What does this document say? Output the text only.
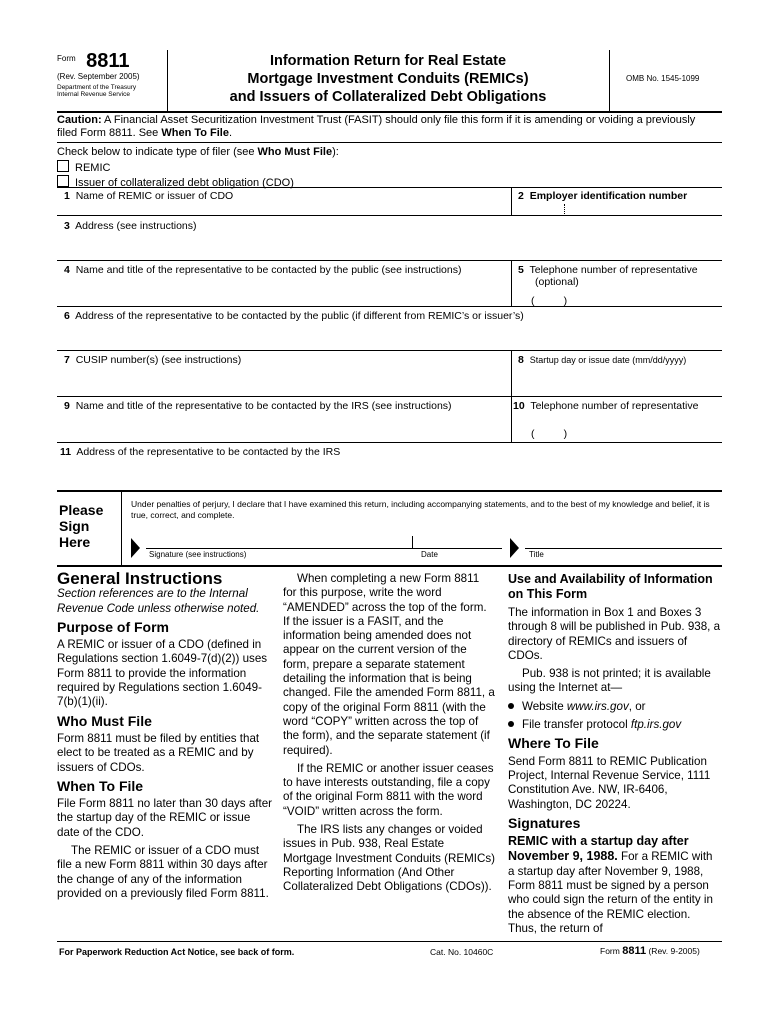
$^{Form}$ 8811
(Rev. September 2005)
Department of the Treasury
Internal Revenue Service
Information Return for Real Estate
Mortgage Investment Conduits (REMICs)
and Issuers of Collateralized Debt Obligations
OMB No. 1545-1099
Caution: A Financial Asset Securitization Investment Trust (FASIT) should only file this form if it is amending or voiding a previously
filed Form 8811. See When To File.
Check below to indicate type of filer (see Who Must File):
REMIC
Issuer of collateralized debt obligation (CDO)
1 Name of REMIC or issuer of CDO	2 Employer identification number
3 Address (see instructions)
4 Name and title of the representative to be contacted by the public (see instructions)	5 Telephone number of representative
(optional)
(          )
6 Address of the representative to be contacted by the public (if different from REMIC’s or issuer’s)
7 CUSIP number(s) (see instructions)	8 Startup day or issue date (mm/dd/yyyy)
9 Name and title of the representative to be contacted by the IRS (see instructions)	10 Telephone number of representative
(          )
11 Address of the representative to be contacted by the IRS
Please
Sign
Here
Under penalties of perjury, I declare that I have examined this return, including accompanying statements, and to the best of my knowledge and belief, it is true, correct, and complete.
Signature (see instructions)	Date	Title
General Instructions

Section references are to the Internal Revenue Code unless otherwise noted.

Purpose of Form

A REMIC or issuer of a CDO (defined in Regulations section 1.6049-7(d)(2)) uses Form 8811 to provide the information required by Regulations section 1.6049-7(b)(1)(ii).

Who Must File

Form 8811 must be filed by entities that elect to be treated as a REMIC and by issuers of CDOs.

When To File

File Form 8811 no later than 30 days after the startup day of the REMIC or issue date of the CDO.

The REMIC or issuer of a CDO must file a new Form 8811 within 30 days after the change of any of the information provided on a previously filed Form 8811.

When completing a new Form 8811 for this purpose, write the word “AMENDED” across the top of the form. If the issuer is a FASIT, and the information being amended does not appear on the current version of the form, prepare a separate statement detailing the information that is being changed. File the amended Form 8811, a copy of the original Form 8811 (with the word “COPY” written across the top of the form), and the separate statement (if required).

If the REMIC or another issuer ceases to have interests outstanding, file a copy of the original Form 8811 with the word “VOID” written across the form.

The IRS lists any changes or voided issues in Pub. 938, Real Estate Mortgage Investment Conduits (REMICs) Reporting Information (And Other Collateralized Debt Obligations (CDOs)).

Use and Availability of Information on This Form

The information in Box 1 and Boxes 3 through 8 will be published in Pub. 938, a directory of REMICs and issuers of CDOs.

Pub. 938 is not printed; it is available using the Internet at—

Website www.irs.gov, or

File transfer protocol ftp.irs.gov

Where To File

Send Form 8811 to REMIC Publication Project, Internal Revenue Service, 1111 Constitution Ave. NW, IR-6406, Washington, DC 20224.

Signatures

REMIC with a startup day after November 9, 1988. For a REMIC with a startup day after November 9, 1988, Form 8811 must be signed by a person who could sign the return of the entity in the absence of the REMIC election. Thus, the return of

For Paperwork Reduction Act Notice, see back of form.	Cat. No. 10460C	Form 8811 (Rev. 9-2005)
